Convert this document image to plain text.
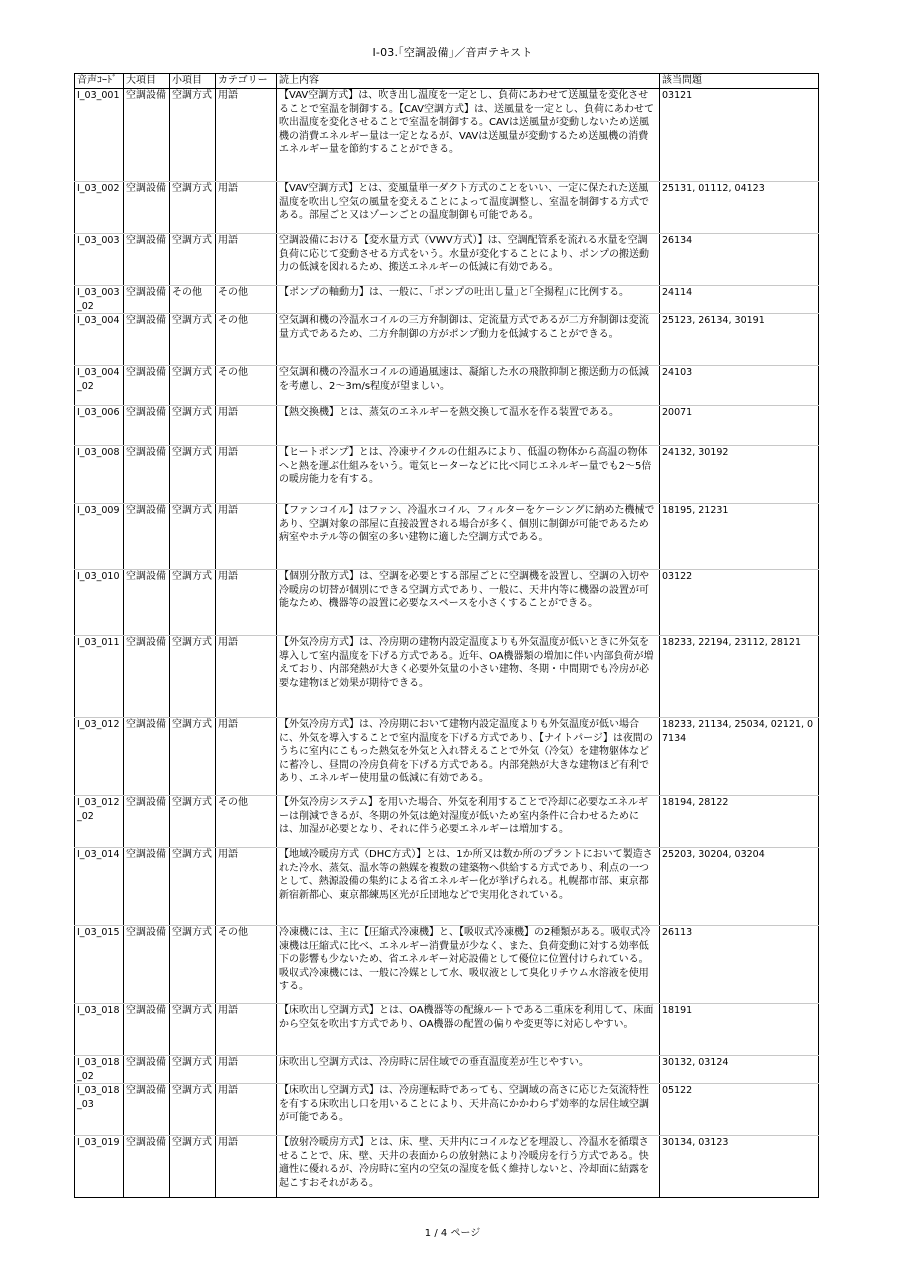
I-03.｢空調設備｣／音声テキスト
音声ｺｰﾄﾞ	大項目	小項目	カテゴリー	読上内容	該当問題
I_03_001	空調設備	空調方式	用語	【VAV空調方式】は、吹き出し温度を一定とし、負荷にあわせて送風量を変化させることで室温を制御する。【CAV空調方式】は、送風量を一定とし、負荷にあわせて吹出温度を変化させることで室温を制御する。CAVは送風量が変動しないため送風機の消費エネルギー量は一定となるが、VAVは送風量が変動するため送風機の消費エネルギー量を節約することができる。	03121
I_03_002	空調設備	空調方式	用語	【VAV空調方式】とは、変風量単一ダクト方式のことをいい、一定に保たれた送風温度を吹出し空気の風量を変えることによって温度調整し、室温を制御する方式である。部屋ごと又はゾーンごとの温度制御も可能である。	25131, 01112, 04123
I_03_003	空調設備	空調方式	用語	空調設備における【変水量方式（VWV方式）】は、空調配管系を流れる水量を空調負荷に応じて変動させる方式をいう。水量が変化することにより、ポンプの搬送動力の低減を図れるため、搬送エネルギーの低減に有効である。	26134
I_03_003_02	空調設備	その他	その他	【ポンプの軸動力】は、一般に、｢ポンプの吐出し量｣と｢全揚程｣に比例する。	24114
I_03_004	空調設備	空調方式	その他	空気調和機の冷温水コイルの三方弁制御は、定流量方式であるが二方弁制御は変流量方式であるため、二方弁制御の方がポンプ動力を低減することができる。	25123, 26134, 30191
I_03_004_02	空調設備	空調方式	その他	空気調和機の冷温水コイルの通過風速は、凝縮した水の飛散抑制と搬送動力の低減を考慮し、2～3m/s程度が望ましい。	24103
I_03_006	空調設備	空調方式	用語	【熱交換機】とは、蒸気のエネルギーを熱交換して温水を作る装置である。	20071
I_03_008	空調設備	空調方式	用語	【ヒートポンプ】とは、冷凍サイクルの仕組みにより、低温の物体から高温の物体へと熱を運ぶ仕組みをいう。電気ヒーターなどに比べ同じエネルギー量でも2～5倍の暖房能力を有する。	24132, 30192
I_03_009	空調設備	空調方式	用語	【ファンコイル】はファン、冷温水コイル、フィルターをケーシングに納めた機械であり、空調対象の部屋に直接設置される場合が多く、個別に制御が可能であるため病室やホテル等の個室の多い建物に適した空調方式である。	18195, 21231
I_03_010	空調設備	空調方式	用語	【個別分散方式】は、空調を必要とする部屋ごとに空調機を設置し、空調の入切や冷暖房の切替が個別にできる空調方式であり、一般に、天井内等に機器の設置が可能なため、機器等の設置に必要なスペースを小さくすることができる。	03122
I_03_011	空調設備	空調方式	用語	【外気冷房方式】は、冷房期の建物内設定温度よりも外気温度が低いときに外気を導入して室内温度を下げる方式である。近年、OA機器類の増加に伴い内部負荷が増えており、内部発熱が大きく必要外気量の小さい建物、冬期・中間期でも冷房が必要な建物ほど効果が期待できる。	18233, 22194, 23112, 28121
I_03_012	空調設備	空調方式	用語	【外気冷房方式】は、冷房期において建物内設定温度よりも外気温度が低い場合に、外気を導入することで室内温度を下げる方式であり、【ナイトパージ】は夜間のうちに室内にこもった熱気を外気と入れ替えることで外気（冷気）を建物躯体などに蓄冷し、昼間の冷房負荷を下げる方式である。内部発熱が大きな建物ほど有利であり、エネルギー使用量の低減に有効である。	18233, 21134, 25034, 02121, 07134
I_03_012_02	空調設備	空調方式	その他	【外気冷房システム】を用いた場合、外気を利用することで冷却に必要なエネルギーは削減できるが、冬期の外気は絶対湿度が低いため室内条件に合わせるためには、加湿が必要となり、それに伴う必要エネルギーは増加する。	18194, 28122
I_03_014	空調設備	空調方式	用語	【地域冷暖房方式（DHC方式）】とは、1か所又は数か所のプラントにおいて製造された冷水、蒸気、温水等の熱媒を複数の建築物へ供給する方式であり、利点の一つとして、熱源設備の集約による省エネルギー化が挙げられる。札幌都市部、東京都新宿新都心、東京都練馬区光が丘団地などで実用化されている。	25203, 30204, 03204
I_03_015	空調設備	空調方式	その他	冷凍機には、主に【圧縮式冷凍機】と、【吸収式冷凍機】の2種類がある。吸収式冷凍機は圧縮式に比べ、エネルギー消費量が少なく、また、負荷変動に対する効率低下の影響も少ないため、省エネルギー対応設備として優位に位置付けられている。 吸収式冷凍機には、一般に冷媒として水、吸収液として臭化リチウム水溶液を使用する。	26113
I_03_018	空調設備	空調方式	用語	【床吹出し空調方式】とは、OA機器等の配線ルートである二重床を利用して、床面から空気を吹出す方式であり、OA機器の配置の偏りや変更等に対応しやすい。	18191
I_03_018_02	空調設備	空調方式	用語	床吹出し空調方式は、冷房時に居住域での垂直温度差が生じやすい。	30132, 03124
I_03_018_03	空調設備	空調方式	用語	【床吹出し空調方式】は、冷房運転時であっても、空調域の高さに応じた気流特性を有する床吹出し口を用いることにより、天井高にかかわらず効率的な居住域空調が可能である。	05122
I_03_019	空調設備	空調方式	用語	【放射冷暖房方式】とは、床、壁、天井内にコイルなどを埋設し、冷温水を循環させることで、床、壁、天井の表面からの放射熱により冷暖房を行う方式である。快適性に優れるが、冷房時に室内の空気の湿度を低く維持しないと、冷却面に結露を起こすおそれがある。	30134, 03123
1 / 4 ページ
